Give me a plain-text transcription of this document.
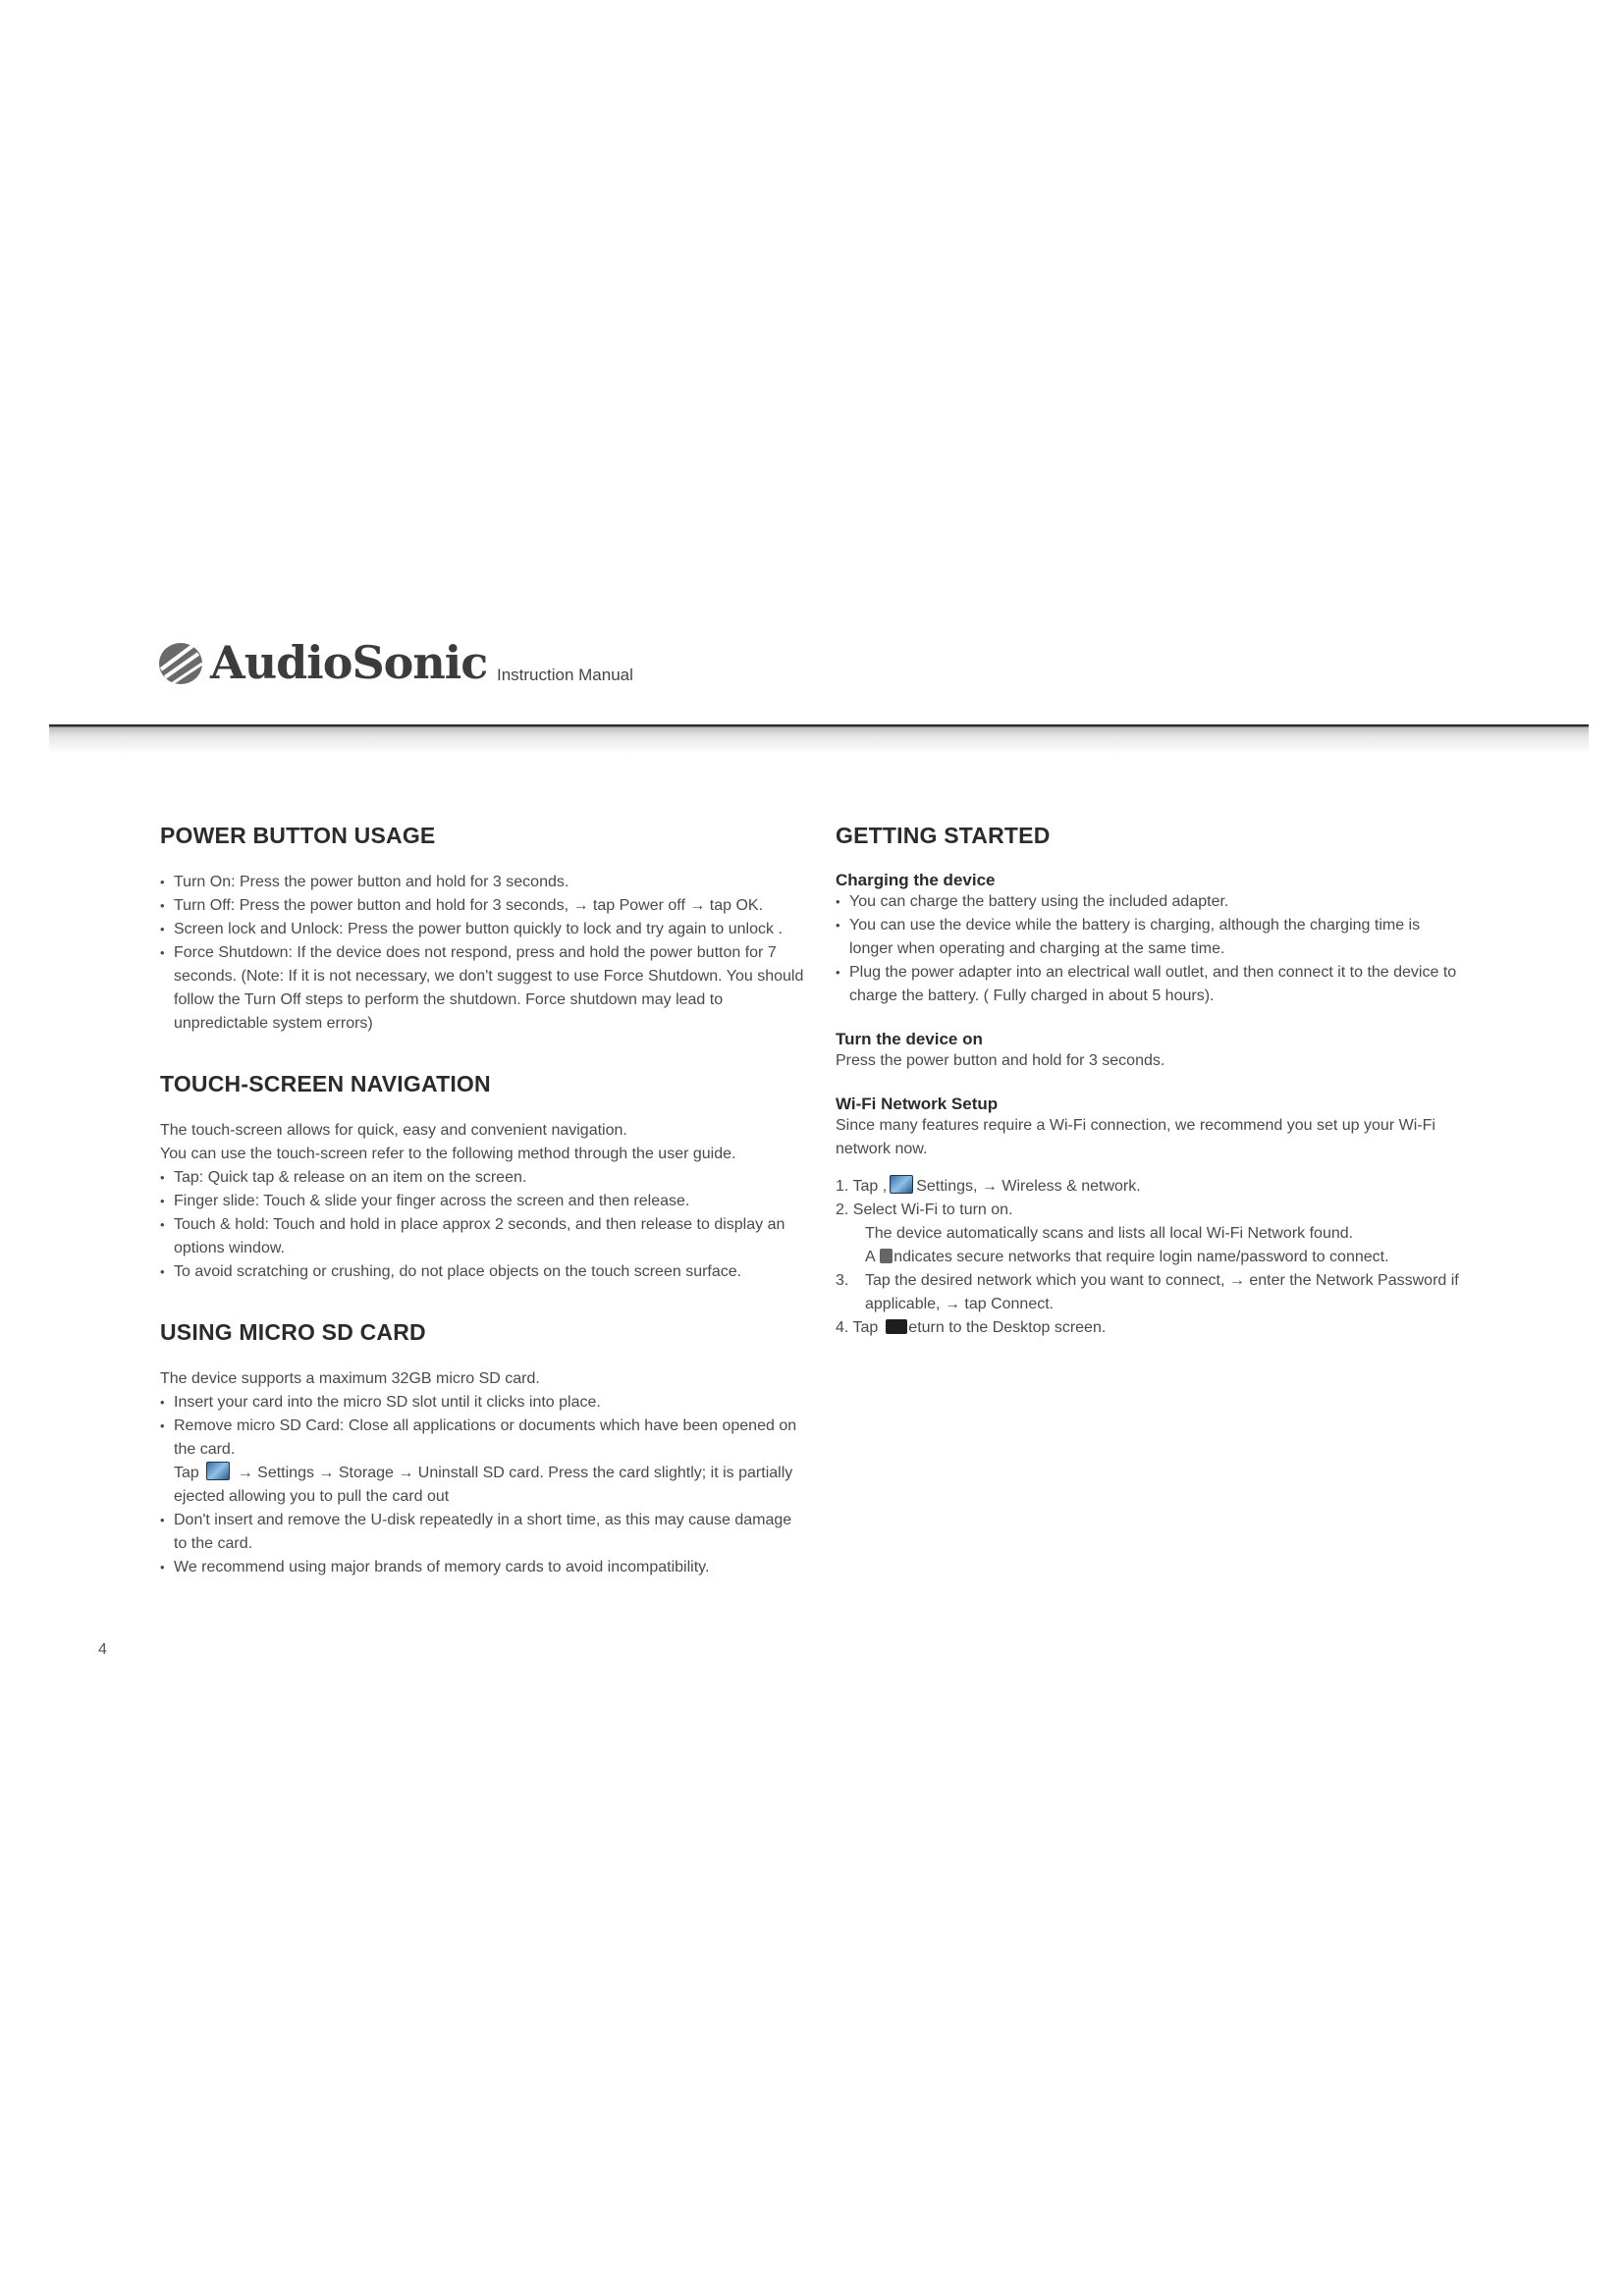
AudioSonic Instruction Manual
POWER BUTTON USAGE
• Turn On: Press the power button and hold for 3 seconds.
• Turn Off: Press the power button and hold for 3 seconds, → tap Power off → tap OK.
• Screen lock and Unlock: Press the power button quickly to lock and try again to unlock .
• Force Shutdown: If the device does not respond, press and hold the power button for 7 seconds. (Note: If it is not necessary, we don't suggest to use Force Shutdown. You should follow the Turn Off steps to perform the shutdown. Force shutdown may lead to unpredictable system errors)
TOUCH-SCREEN NAVIGATION

The touch-screen allows for quick, easy and convenient navigation.

You can use the touch-screen refer to the following method through the user guide.

• Tap: Quick tap & release on an item on the screen.
• Finger slide: Touch & slide your finger across the screen and then release.
• Touch & hold: Touch and hold in place approx 2 seconds, and then release to display an options window.
• To avoid scratching or crushing, do not place objects on the touch screen surface.
USING MICRO SD CARD

The device supports a maximum 32GB micro SD card.

• Insert your card into the micro SD slot until it clicks into place.
• Remove micro SD Card: Close all applications or documents which have been opened on the card.
Tap → Settings → Storage → Uninstall SD card. Press the card slightly; it is partially ejected allowing you to pull the card out
• Don't insert and remove the U-disk repeatedly in a short time, as this may cause damage to the card.
• We recommend using major brands of memory cards to avoid incompatibility.
GETTING STARTED
Charging the device
• You can charge the battery using the included adapter.
• You can use the device while the battery is charging, although the charging time is longer when operating and charging at the same time.
• Plug the power adapter into an electrical wall outlet, and then connect it to the device to charge the battery. ( Fully charged in about 5 hours).
Turn the device on

Press the power button and hold for 3 seconds.

Wi-Fi Network Setup

Since many features require a Wi-Fi connection, we recommend you set up your Wi-Fi network now.

1. Tap , Settings, → Wireless & network.
2. Select Wi-Fi to turn on.
The device automatically scans and lists all local Wi-Fi Network found.
A ndicates secure networks that require login name/password to connect.
3.	Tap the desired network which you want to connect, → enter the Network Password if applicable, → tap Connect.
4. Tap eturn to the Desktop screen.
4
